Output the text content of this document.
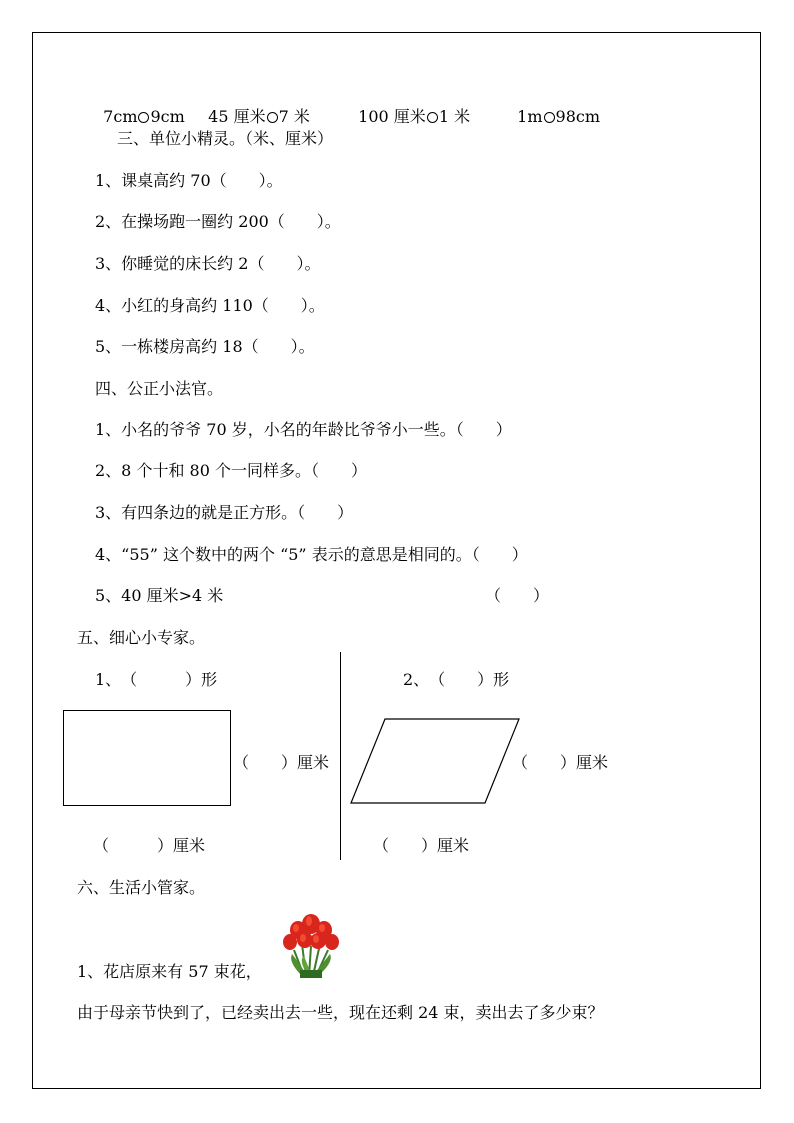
7cm 9cm	45 厘米 7 米	100 厘米 1 米	1m 98cm

三、单位小精灵。（米、厘米）
1、课桌高约 70（　　）。
2、在操场跑一圈约 200（　　）。
3、你睡觉的床长约 2（　　）。
4、小红的身高约 110（　　）。
5、一栋楼房高约 18（　　）。
四、公正小法官。
1、小名的爷爷 70 岁，小名的年龄比爷爷小一些。（　　）
2、8 个十和 80 个一同样多。（　　）
3、有四条边的就是正方形。（　　）
4、“55” 这个数中的两个 “5” 表示的意思是相同的。（　　）
5、40 厘米>4 米	（　　）
五、细心小专家。
1、　（　　　）形	2、　（　　）形
（　　）厘米	（　　）厘米
（　　　）厘米	（　　）厘米
六、生活小管家。
1、花店原来有 57 束花，
由于母亲节快到了，已经卖出去一些，现在还剩 24 束，卖出去了多少束？
